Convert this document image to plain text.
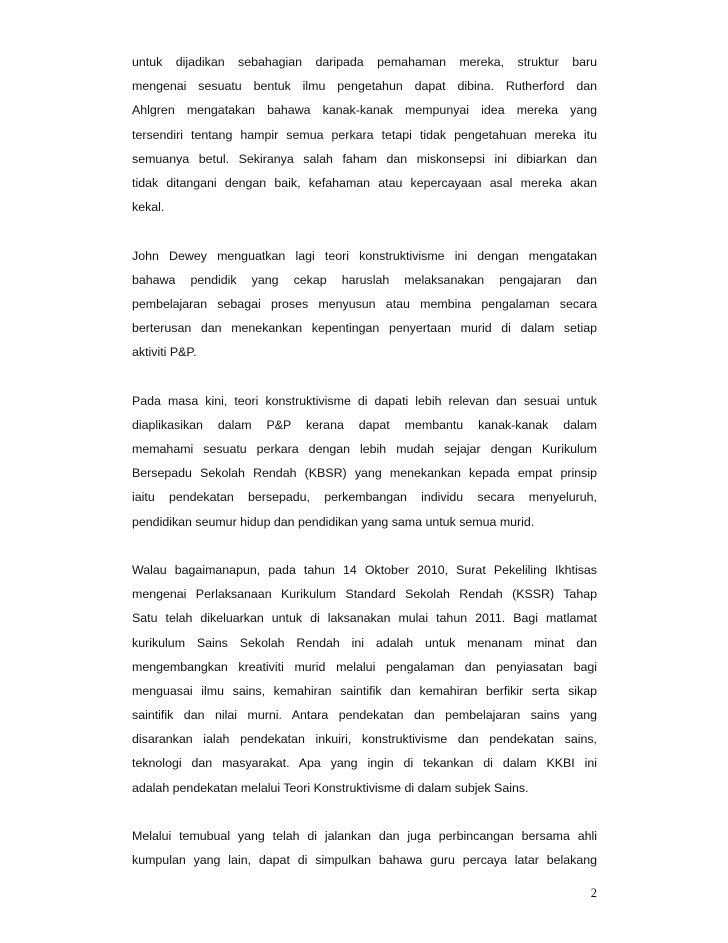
untuk dijadikan sebahagian daripada pemahaman mereka, struktur baru
mengenai sesuatu bentuk ilmu pengetahun dapat dibina. Rutherford dan
Ahlgren mengatakan bahawa kanak-kanak mempunyai idea mereka yang
tersendiri tentang hampir semua perkara tetapi tidak pengetahuan mereka itu
semuanya betul. Sekiranya salah faham dan miskonsepsi ini dibiarkan dan
tidak ditangani dengan baik, kefahaman atau kepercayaan asal mereka akan
kekal.
John Dewey menguatkan lagi teori konstruktivisme ini dengan mengatakan
bahawa pendidik yang cekap haruslah melaksanakan pengajaran dan
pembelajaran sebagai proses menyusun atau membina pengalaman secara
berterusan dan menekankan kepentingan penyertaan murid di dalam setiap
aktiviti P&P.
Pada masa kini, teori konstruktivisme di dapati lebih relevan dan sesuai untuk
diaplikasikan dalam P&P kerana dapat membantu kanak-kanak dalam
memahami sesuatu perkara dengan lebih mudah sejajar dengan Kurikulum
Bersepadu Sekolah Rendah (KBSR) yang menekankan kepada empat prinsip
iaitu pendekatan bersepadu, perkembangan individu secara menyeluruh,
pendidikan seumur hidup dan pendidikan yang sama untuk semua murid.
Walau bagaimanapun, pada tahun 14 Oktober 2010, Surat Pekeliling Ikhtisas
mengenai Perlaksanaan Kurikulum Standard Sekolah Rendah (KSSR) Tahap
Satu telah dikeluarkan untuk di laksanakan mulai tahun 2011. Bagi matlamat
kurikulum Sains Sekolah Rendah ini adalah untuk menanam minat dan
mengembangkan kreativiti murid melalui pengalaman dan penyiasatan bagi
menguasai ilmu sains, kemahiran saintifik dan kemahiran berfikir serta sikap
saintifik dan nilai murni. Antara pendekatan dan pembelajaran sains yang
disarankan ialah pendekatan inkuiri, konstruktivisme dan pendekatan sains,
teknologi dan masyarakat. Apa yang ingin di tekankan di dalam KKBI ini
adalah pendekatan melalui Teori Konstruktivisme di dalam subjek Sains.
Melalui temubual yang telah di jalankan dan juga perbincangan bersama ahli
kumpulan yang lain, dapat di simpulkan bahawa guru percaya latar belakang
2
